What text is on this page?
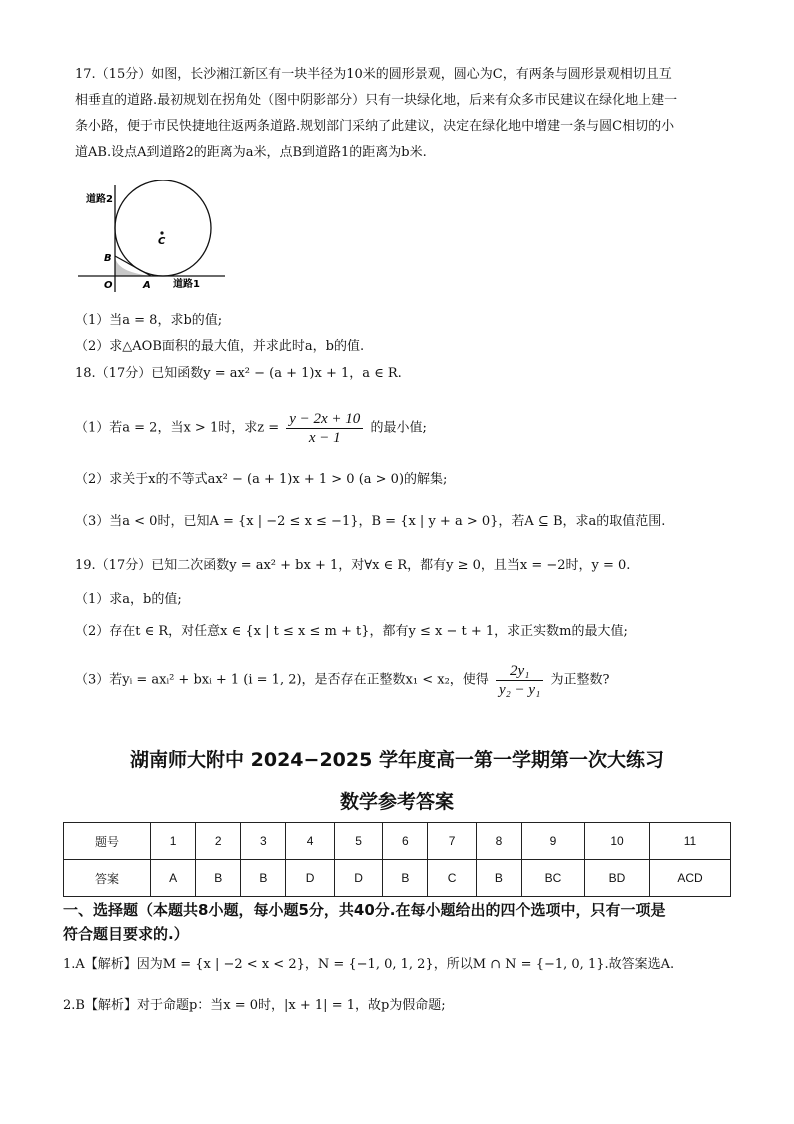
17.（15分）如图，长沙湘江新区有一块半径为10米的圆形景观，圆心为C，有两条与圆形景观相切且互
相垂直的道路.最初规划在拐角处（图中阴影部分）只有一块绿化地，后来有众多市民建议在绿化地上建一
条小路，便于市民快捷地往返两条道路.规划部门采纳了此建议，决定在绿化地中增建一条与圆C相切的小
道AB.设点A到道路2的距离为a米，点B到道路1的距离为b米.
道路2
道路1
C
B
O	A
（1）当a = 8，求b的值;
（2）求△AOB面积的最大值，并求此时a，b的值.
18.（17分）已知函数y = ax² − (a + 1)x + 1，a ∈ R.
（1）若a = 2，当x > 1时，求$z = \frac{y - 2x + 10}{x - 1}$ 的最小值;
（2）求关于x的不等式ax² − (a + 1)x + 1 > 0 (a > 0)的解集;
（3）当a < 0时，已知A = {x | −2 ≤ x ≤ −1}，B = {x | y + a > 0}，若A ⊆ B，求a的取值范围.
19.（17分）已知二次函数y = ax² + bx + 1，对∀x ∈ R，都有y ≥ 0，且当x = −2时，y = 0.
（1）求a，b的值;
（2）存在t ∈ R，对任意x ∈ {x | t ≤ x ≤ m + t}，都有y ≤ x − t + 1，求正实数m的最大值;
（3）若yᵢ = axᵢ² + bxᵢ + 1 (i = 1, 2)，是否存在正整数x₁ < x₂，使得 $\frac{\text{2y₁}}{\text{y₂ − y₁}}$ 为正整数?
湖南师大附中 2024−2025 学年度高一第一学期第一次大练习
数学参考答案
题号	1	2	3	4	5	6	7	8	9	10	11
答案	A	B	B	D	D	B	C	B	BC	BD	ACD
一、选择题（本题共8小题，每小题5分，共40分.在每小题给出的四个选项中，只有一项是
符合题目要求的.）
1.A【解析】因为M = {x | −2 < x < 2}，N = {−1, 0, 1, 2}，所以M ∩ N = {−1, 0, 1}.故答案选A.
2.B【解析】对于命题p：当x = 0时，|x + 1| = 1，故p为假命题;
